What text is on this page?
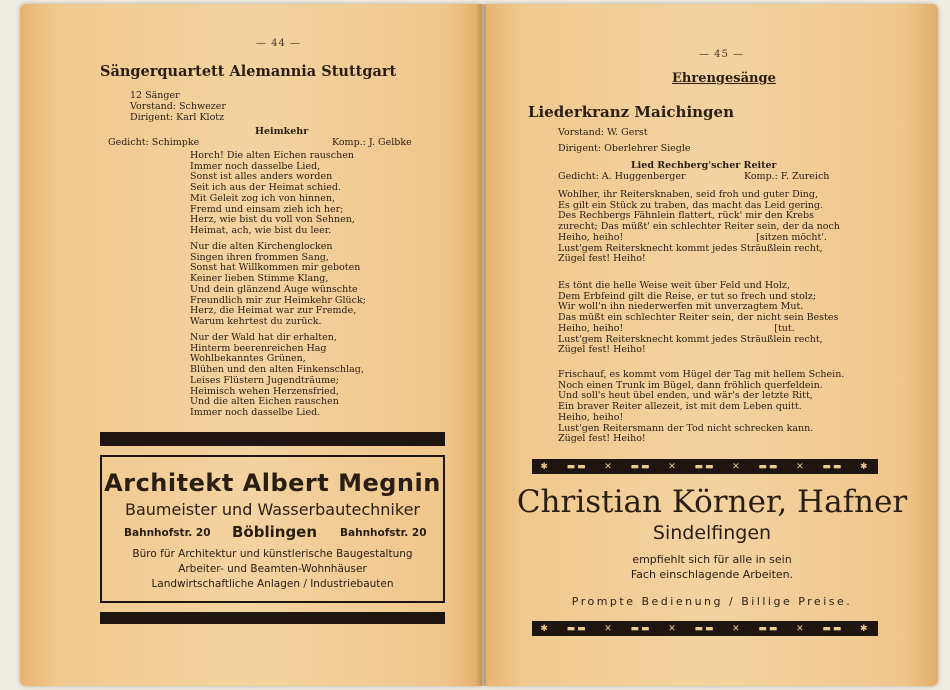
— 44 —
Sängerquartett Alemannia Stuttgart
12 Sänger
Vorstand: Schwezer
Dirigent: Karl Klotz
Heimkehr
Gedicht: Schimpke	Komp.: J. Gelbke
Horch! Die alten Eichen rauschen
Immer noch dasselbe Lied,
Sonst ist alles anders worden
Seit ich aus der Heimat schied.
Mit Geleit zog ich von hinnen,
Fremd und einsam zieh ich her;
Herz, wie bist du voll von Sehnen,
Heimat, ach, wie bist du leer.
Nur die alten Kirchenglocken
Singen ihren frommen Sang,
Sonst hat Willkommen mir geboten
Keiner lieben Stimme Klang,
Und dein glänzend Auge wünschte
Freundlich mir zur Heimkehr Glück;
Herz, die Heimat war zur Fremde,
Warum kehrtest du zurück.
Nur der Wald hat dir erhalten,
Hinterm beerenreichen Hag
Wohlbekanntes Grünen,
Blühen und den alten Finkenschlag,
Leises Flüstern Jugendträume;
Heimisch wehen Herzensfried,
Und die alten Eichen rauschen
Immer noch dasselbe Lied.
Architekt Albert Megnin
Baumeister und Wasserbautechniker
Bahnhofstr. 20 Böblingen Bahnhofstr. 20
Büro für Architektur und künstlerische Baugestaltung
Arbeiter- und Beamten-Wohnhäuser
Landwirtschaftliche Anlagen / Industriebauten
— 45 —
Ehrengesänge
Liederkranz Maichingen
Vorstand: W. Gerst
Dirigent: Oberlehrer Siegle
Lied Rechberg'scher Reiter
Gedicht: A. Huggenberger	Komp.: F. Zureich
Wohlher, ihr Reitersknaben, seid froh und guter Ding,
Es gilt ein Stück zu traben, das macht das Leid gering.
Des Rechbergs Fähnlein flattert, rück' mir den Krebs
zurecht; Das müßt' ein schlechter Reiter sein, der da noch
Heiho, heiho!                                            [sitzen möcht'.
Lust'gem Reitersknecht kommt jedes Sträußlein recht,
Zügel fest! Heiho!
Es tönt die helle Weise weit über Feld und Holz,
Dem Erbfeind gilt die Reise, er tut so frech und stolz;
Wir woll'n ihn niederwerfen mit unverzagtem Mut.
Das müßt ein schlechter Reiter sein, der nicht sein Bestes
Heiho, heiho!                                                  [tut.
Lust'gem Reitersknecht kommt jedes Sträußlein recht,
Zügel fest! Heiho!
Frischauf, es kommt vom Hügel der Tag mit hellem Schein.
Noch einen Trunk im Bügel, dann fröhlich querfeldein.
Und soll's heut übel enden, und wär's der letzte Ritt,
Ein braver Reiter allezeit, ist mit dem Leben quitt.
Heiho, heiho!
Lust'gen Reitersmann der Tod nicht schrecken kann.
Zügel fest! Heiho!
✱ ▬▬ ✕ ▬▬ ✕ ▬▬ ✕ ▬▬ ✕ ▬▬ ✱
Christian Körner, Hafner
Sindelfingen
empfiehlt sich für alle in sein
Fach einschlagende Arbeiten.
Prompte Bedienung / Billige Preise.
✱ ▬▬ ✕ ▬▬ ✕ ▬▬ ✕ ▬▬ ✕ ▬▬ ✱
